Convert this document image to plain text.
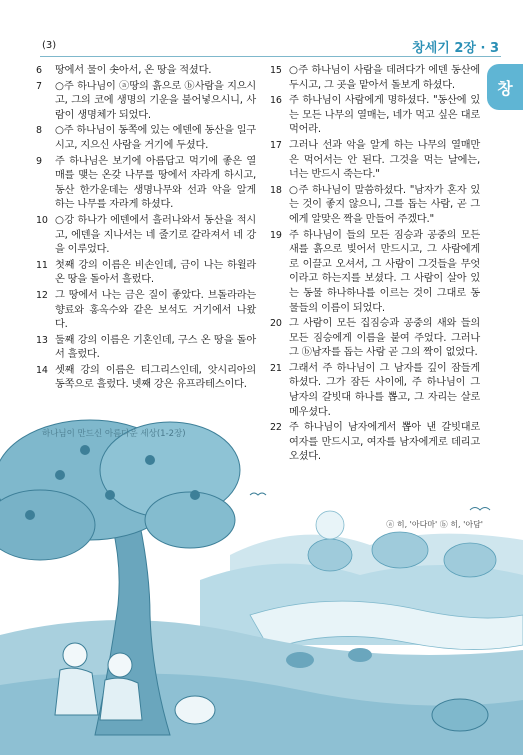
(3)	창세기 2장 · 3
창
6	땅에서 물이 솟아서, 온 땅을 적셨다.
7	○주 하나님이 ⓐ땅의 흙으로 ⓑ사람을 지으시고, 그의 코에 생명의 기운을 불어넣으시니, 사람이 생명체가 되었다.
8	○주 하나님이 동쪽에 있는 에덴에 동산을 일구시고, 지으신 사람을 거기에 두셨다.
9	주 하나님은 보기에 아름답고 먹기에 좋은 열매를 맺는 온갖 나무를 땅에서 자라게 하시고, 동산 한가운데는 생명나무와 선과 악을 알게 하는 나무를 자라게 하셨다.
10 ○강 하나가 에덴에서 흘러나와서 동산을 적시고, 에덴을 지나서는 네 줄기로 갈라져서 네 강을 이루었다.
11 첫째 강의 이름은 비손인데, 금이 나는 하윌라 온 땅을 돌아서 흘렀다.
12 그 땅에서 나는 금은 질이 좋았다. 브돌라라는 향료와 홍옥수와 같은 보석도 거기에서 나왔다.
13 둘째 강의 이름은 기혼인데, 구스 온 땅을 돌아서 흘렀다.
14 셋째 강의 이름은 티그리스인데, 앗시리아의 동쪽으로 흘렀다. 넷째 강은 유프라테스이다.
15 ○주 하나님이 사람을 데려다가 에덴 동산에 두시고, 그 곳을 맡아서 돌보게 하셨다.
16 주 하나님이 사람에게 명하셨다. "동산에 있는 모든 나무의 열매는, 네가 먹고 싶은 대로 먹어라.
17 그러나 선과 악을 알게 하는 나무의 열매만은 먹어서는 안 된다. 그것을 먹는 날에는, 너는 반드시 죽는다."
18 ○주 하나님이 말씀하셨다. "남자가 혼자 있는 것이 좋지 않으니, 그를 돕는 사람, 곧 그에게 알맞은 짝을 만들어 주겠다."
19 주 하나님이 들의 모든 짐승과 공중의 모든 새를 흙으로 빚어서 만드시고, 그 사람에게로 이끌고 오셔서, 그 사람이 그것들을 무엇이라고 하는지를 보셨다. 그 사람이 살아 있는 동물 하나하나를 이르는 것이 그대로 동물들의 이름이 되었다.
20 그 사람이 모든 집짐승과 공중의 새와 들의 모든 짐승에게 이름을 붙여 주었다. 그러나 그 ⓑ남자를 돕는 사람 곧 그의 짝이 없었다.
21 그래서 주 하나님이 그 남자를 깊이 잠들게 하셨다. 그가 잠든 사이에, 주 하나님이 그 남자의 갈빗대 하나를 뽑고, 그 자리는 살로 메우셨다.
22 주 하나님이 남자에게서 뽑아 낸 갈빗대로 여자를 만드시고, 여자를 남자에게로 데리고 오셨다.
ⓐ 히, '아다마' ⓑ 히, '아담'
하나님이 만드신 아름다운 세상(1-2장)
